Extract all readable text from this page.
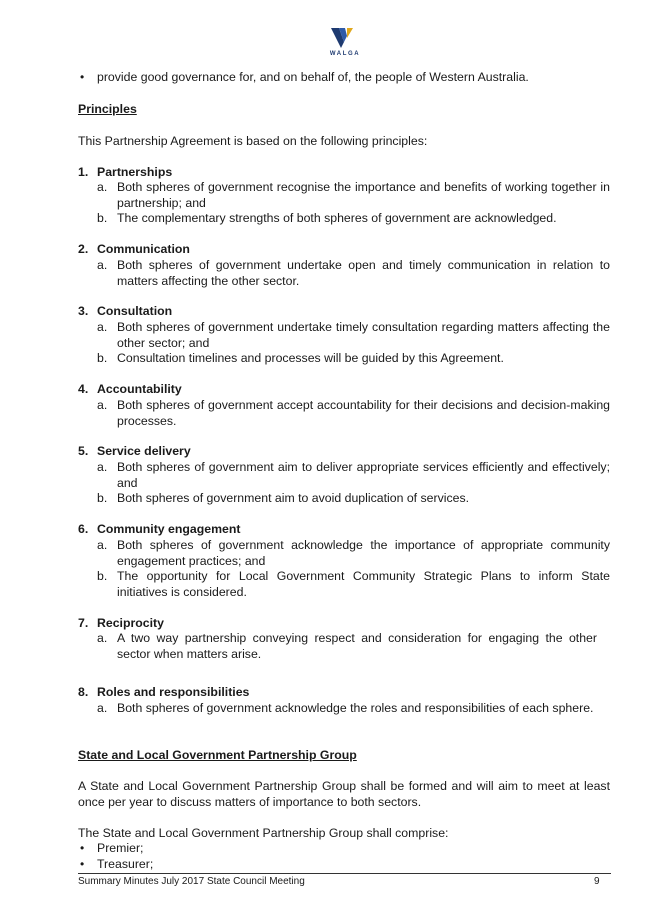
WALGA
• provide good governance for, and on behalf of, the people of Western Australia.
Principles
This Partnership Agreement is based on the following principles:
1. Partnerships
a. Both spheres of government recognise the importance and benefits of working together in partnership; and
b. The complementary strengths of both spheres of government are acknowledged.
2. Communication
a. Both spheres of government undertake open and timely communication in relation to matters affecting the other sector.
3. Consultation
a. Both spheres of government undertake timely consultation regarding matters affecting the other sector; and
b. Consultation timelines and processes will be guided by this Agreement.
4. Accountability
a. Both spheres of government accept accountability for their decisions and decision-making processes.
5. Service delivery
a. Both spheres of government aim to deliver appropriate services efficiently and effectively; and
b. Both spheres of government aim to avoid duplication of services.
6. Community engagement
a. Both spheres of government acknowledge the importance of appropriate community engagement practices; and
b. The opportunity for Local Government Community Strategic Plans to inform State initiatives is considered.
7. Reciprocity
a. A two way partnership conveying respect and consideration for engaging the other sector when matters arise.
8. Roles and responsibilities
a. Both spheres of government acknowledge the roles and responsibilities of each sphere.
State and Local Government Partnership Group
A State and Local Government Partnership Group shall be formed and will aim to meet at least once per year to discuss matters of importance to both sectors.
The State and Local Government Partnership Group shall comprise:
• Premier;
• Treasurer;
Summary Minutes July 2017 State Council Meeting	9
